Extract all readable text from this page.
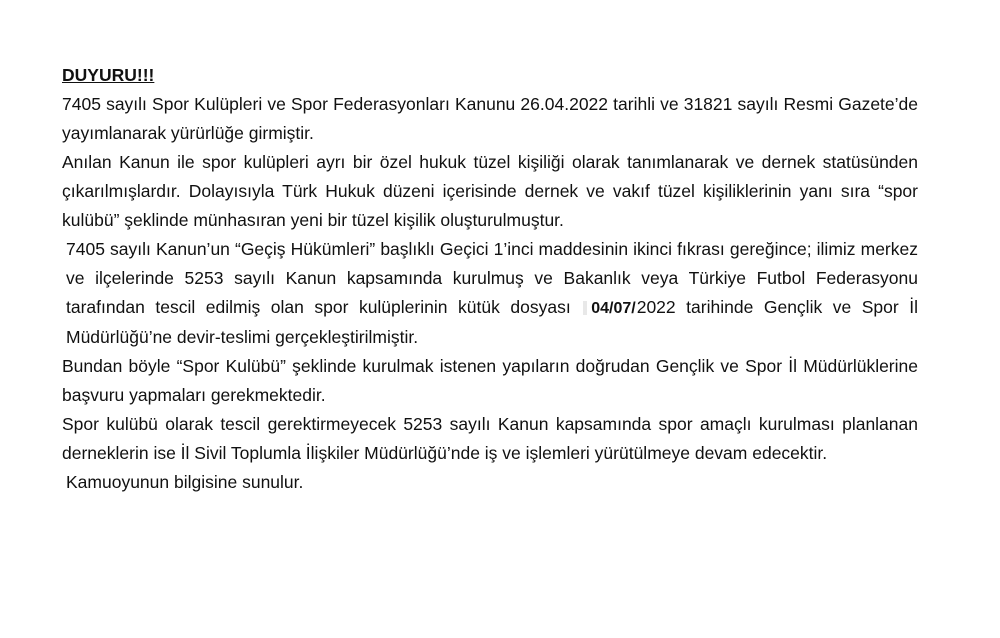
DUYURU!!!

7405 sayılı Spor Kulüpleri ve Spor Federasyonları Kanunu 26.04.2022 tarihli ve 31821 sayılı Resmi Gazete’de yayımlanarak yürürlüğe girmiştir.

Anılan Kanun ile spor kulüpleri ayrı bir özel hukuk tüzel kişiliği olarak tanımlanarak ve dernek statüsünden çıkarılmışlardır. Dolayısıyla Türk Hukuk düzeni içerisinde dernek ve vakıf tüzel kişiliklerinin yanı sıra “spor kulübü” şeklinde münhasıran yeni bir tüzel kişilik oluşturulmuştur.

7405 sayılı Kanun’un “Geçiş Hükümleri” başlıklı Geçici 1’inci maddesinin ikinci fıkrası gereğince; ilimiz merkez ve ilçelerinde 5253 sayılı Kanun kapsamında kurulmuş ve Bakanlık veya Türkiye Futbol Federasyonu tarafından tescil edilmiş olan spor kulüplerinin kütük dosyası 04/07/2022 tarihinde Gençlik ve Spor İl Müdürlüğü’ne devir-teslimi gerçekleştirilmiştir.

Bundan böyle “Spor Kulübü” şeklinde kurulmak istenen yapıların doğrudan Gençlik ve Spor İl Müdürlüklerine başvuru yapmaları gerekmektedir.

Spor kulübü olarak tescil gerektirmeyecek 5253 sayılı Kanun kapsamında spor amaçlı kurulması planlanan derneklerin ise İl Sivil Toplumla İlişkiler Müdürlüğü’nde iş ve işlemleri yürütülmeye devam edecektir.

Kamuoyunun bilgisine sunulur.
